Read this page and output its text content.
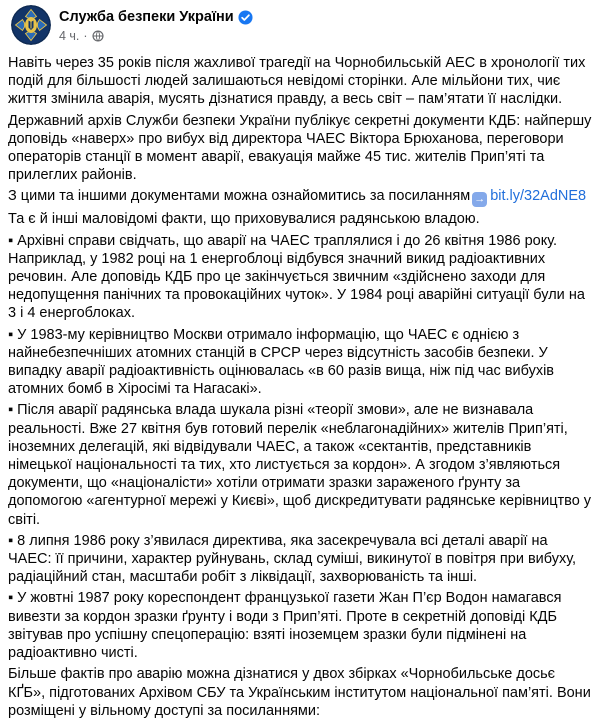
Служба безпеки України
4 ч. ·

Навіть через 35 років після жахливої трагедії на Чорнобильській АЕС в хронології тих подій для більшості людей залишаються невідомі сторінки. Але мільйони тих, чиє життя змінила аварія, мусять дізнатися правду, а весь світ – пам’ятати її наслідки.

Державний архів Служби безпеки України публікує секретні документи КДБ: найпершу доповідь «наверх» про вибух від директора ЧАЕС Віктора Брюханова, переговори операторів станції в момент аварії, евакуація майже 45 тис. жителів Прип’яті та прилеглих районів.

З цими та іншими документами можна ознайомитись за посиланням → bit.ly/32AdNE8

Та є й інші маловідомі факти, що приховувалися радянською владою.

▪ Архівні справи свідчать, що аварії на ЧАЕС траплялися і до 26 квітня 1986 року. Наприклад, у 1982 році на 1 енергоблоці відбувся значний викид радіоактивних речовин. Але доповідь КДБ про це закінчується звичним «здійснено заходи для недопущення панічних та провокаційних чуток». У 1984 році аварійні ситуації були на 3 і 4 енергоблоках.

▪ У 1983-му керівництво Москви отримало інформацію, що ЧАЕС є однією з найнебезпечніших атомних станцій в СРСР через відсутність засобів безпеки. У випадку аварії радіоактивність оцінювалась «в 60 разів вища, ніж під час вибухів атомних бомб в Хіросімі та Нагасакі».

▪ Після аварії радянська влада шукала різні «теорії змови», але не визнавала реальності. Вже 27 квітня був готовий перелік «неблагонадійних» жителів Прип’яті, іноземних делегацій, які відвідували ЧАЕС, а також «сектантів, представників німецької національності та тих, хто листується за кордон». А згодом з’являються документи, що «націоналісти» хотіли отримати зразки зараженого ґрунту за допомогою «агентурної мережі у Києві», щоб дискредитувати радянське керівництво у світі.

▪ 8 липня 1986 року з’явилася директива, яка засекречувала всі деталі аварії на ЧАЕС: її причини, характер руйнувань, склад суміші, викинутої в повітря при вибуху, радіаційний стан, масштаби робіт з ліквідації, захворюваність та інші.

▪ У жовтні 1987 року кореспондент французької газети Жан П’єр Водон намагався вивезти за кордон зразки ґрунту і води з Прип’яті. Проте в секретній доповіді КДБ звітував про успішну спецоперацію: взяті іноземцем зразки були підмінені на радіоактивно чисті.

Більше фактів про аварію можна дізнатися у двох збірках «Чорнобильське досьє КҐБ», підготованих Архівом СБУ та Українським інститутом національної пам’яті. Вони розміщені у вільному доступі за посиланнями:
